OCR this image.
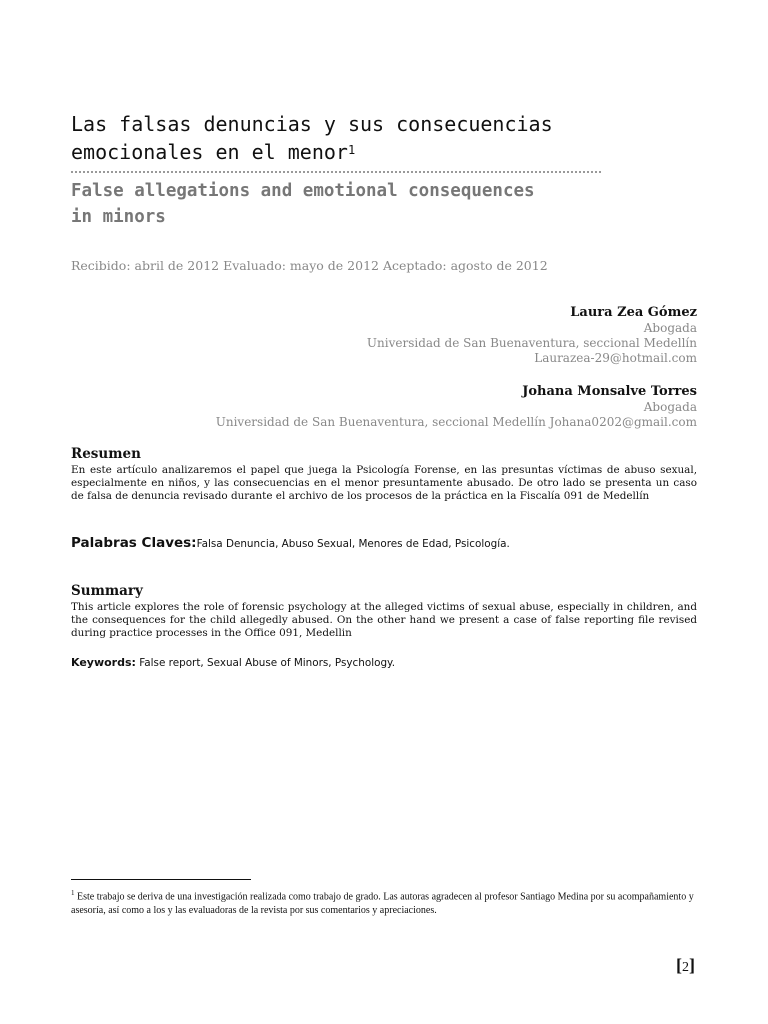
Las falsas denuncias y sus consecuencias
emocionales en el menor$^1$
False allegations and emotional consequences
in minors
Recibido: abril de 2012 Evaluado: mayo de 2012 Aceptado: agosto de 2012
Laura Zea Gómez
Abogada
Universidad de San Buenaventura, seccional Medellín
Laurazea-29@hotmail.com
Johana Monsalve Torres
Abogada
Universidad de San Buenaventura, seccional Medellín Johana0202@gmail.com
Resumen
En este artículo analizaremos el papel que juega la Psicología Forense, en las presuntas víctimas de abuso sexual, especialmente en niños, y las consecuencias en el menor presuntamente abusado. De otro lado se presenta un caso de falsa de denuncia revisado durante el archivo de los procesos de la práctica en la Fiscalía 091 de Medellín
Palabras Claves:Falsa Denuncia, Abuso Sexual, Menores de Edad, Psicología.
Summary
This article explores the role of forensic psychology at the alleged victims of sexual abuse, especially in children, and the consequences for the child allegedly abused. On the other hand we present a case of false reporting file revised during practice processes in the Office 091, Medellin
Keywords: False report, Sexual Abuse of Minors, Psychology.
$^1$ Este trabajo se deriva de una investigación realizada como trabajo de grado. Las autoras agradecen al profesor Santiago Medina por su acompañamiento y asesoría, así como a los y las evaluadoras de la revista por sus comentarios y apreciaciones.
[2]
